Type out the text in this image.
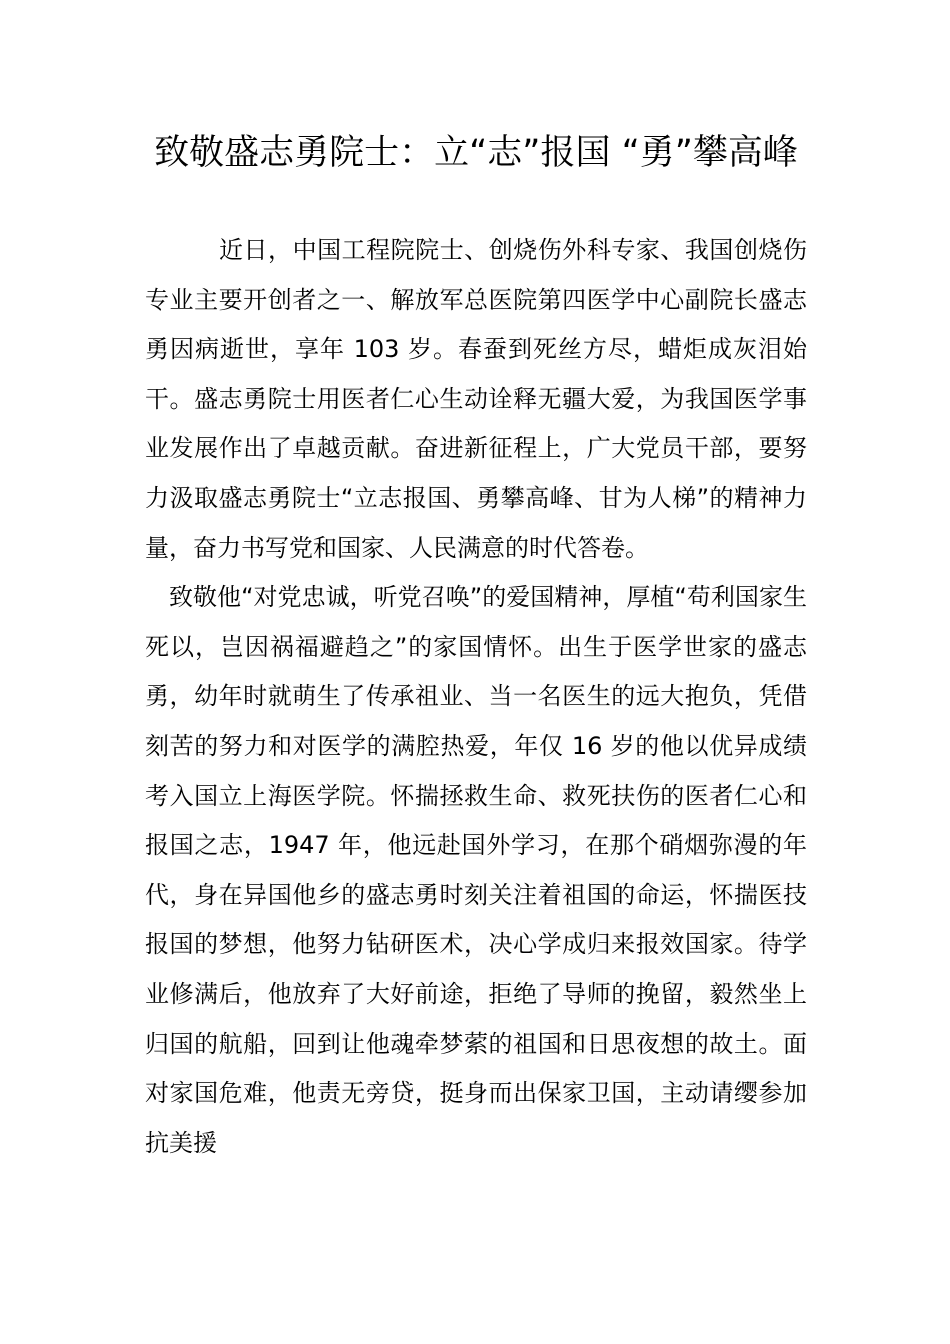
致敬盛志勇院士：立“志”报国 “勇”攀高峰

近日，中国工程院院士、创烧伤外科专家、我国创烧伤专业主要开创者之一、解放军总医院第四医学中心副院长盛志勇因病逝世，享年 103 岁。春蚕到死丝方尽，蜡炬成灰泪始干。盛志勇院士用医者仁心生动诠释无疆大爱，为我国医学事业发展作出了卓越贡献。奋进新征程上，广大党员干部，要努力汲取盛志勇院士“立志报国、勇攀高峰、甘为人梯”的精神力量，奋力书写党和国家、人民满意的时代答卷。

致敬他“对党忠诚，听党召唤”的爱国精神，厚植“苟利国家生死以，岂因祸福避趋之”的家国情怀。出生于医学世家的盛志勇，幼年时就萌生了传承祖业、当一名医生的远大抱负，凭借刻苦的努力和对医学的满腔热爱，年仅 16 岁的他以优异成绩考入国立上海医学院。怀揣拯救生命、救死扶伤的医者仁心和报国之志，1947 年，他远赴国外学习，在那个硝烟弥漫的年代，身在异国他乡的盛志勇时刻关注着祖国的命运，怀揣医技报国的梦想，他努力钻研医术，决心学成归来报效国家。待学业修满后，他放弃了大好前途，拒绝了导师的挽留，毅然坐上归国的航船，回到让他魂牵梦萦的祖国和日思夜想的故土。面对家国危难，他责无旁贷，挺身而出保家卫国，主动请缨参加抗美援
